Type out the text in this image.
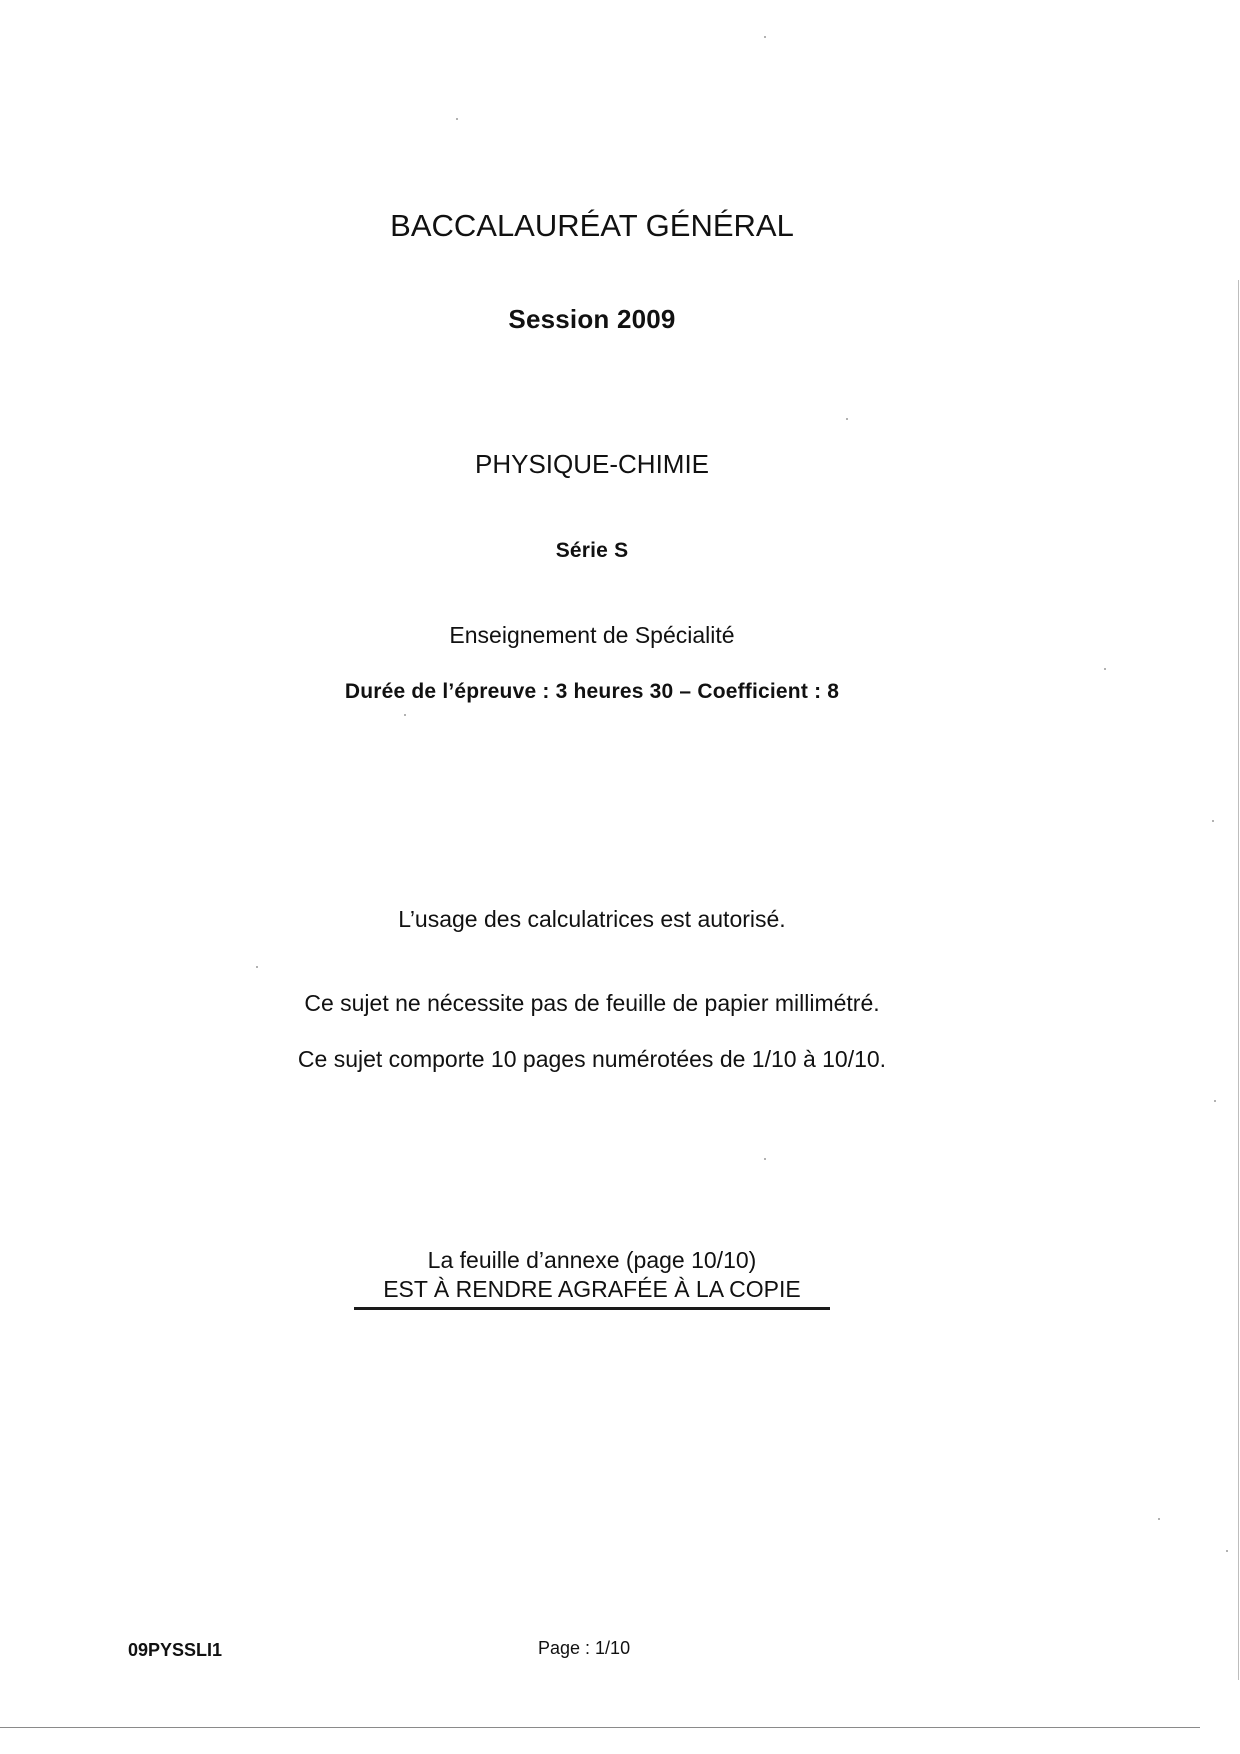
BACCALAURÉAT GÉNÉRAL
Session 2009
PHYSIQUE-CHIMIE
Série S
Enseignement de Spécialité
Durée de l’épreuve : 3 heures 30 – Coefficient : 8
L’usage des calculatrices est autorisé.
Ce sujet ne nécessite pas de feuille de papier millimétré.
Ce sujet comporte 10 pages numérotées de 1/10 à 10/10.
La feuille d’annexe (page 10/10)
EST À RENDRE AGRAFÉE À LA COPIE
09PYSSLI1	Page : 1/10
